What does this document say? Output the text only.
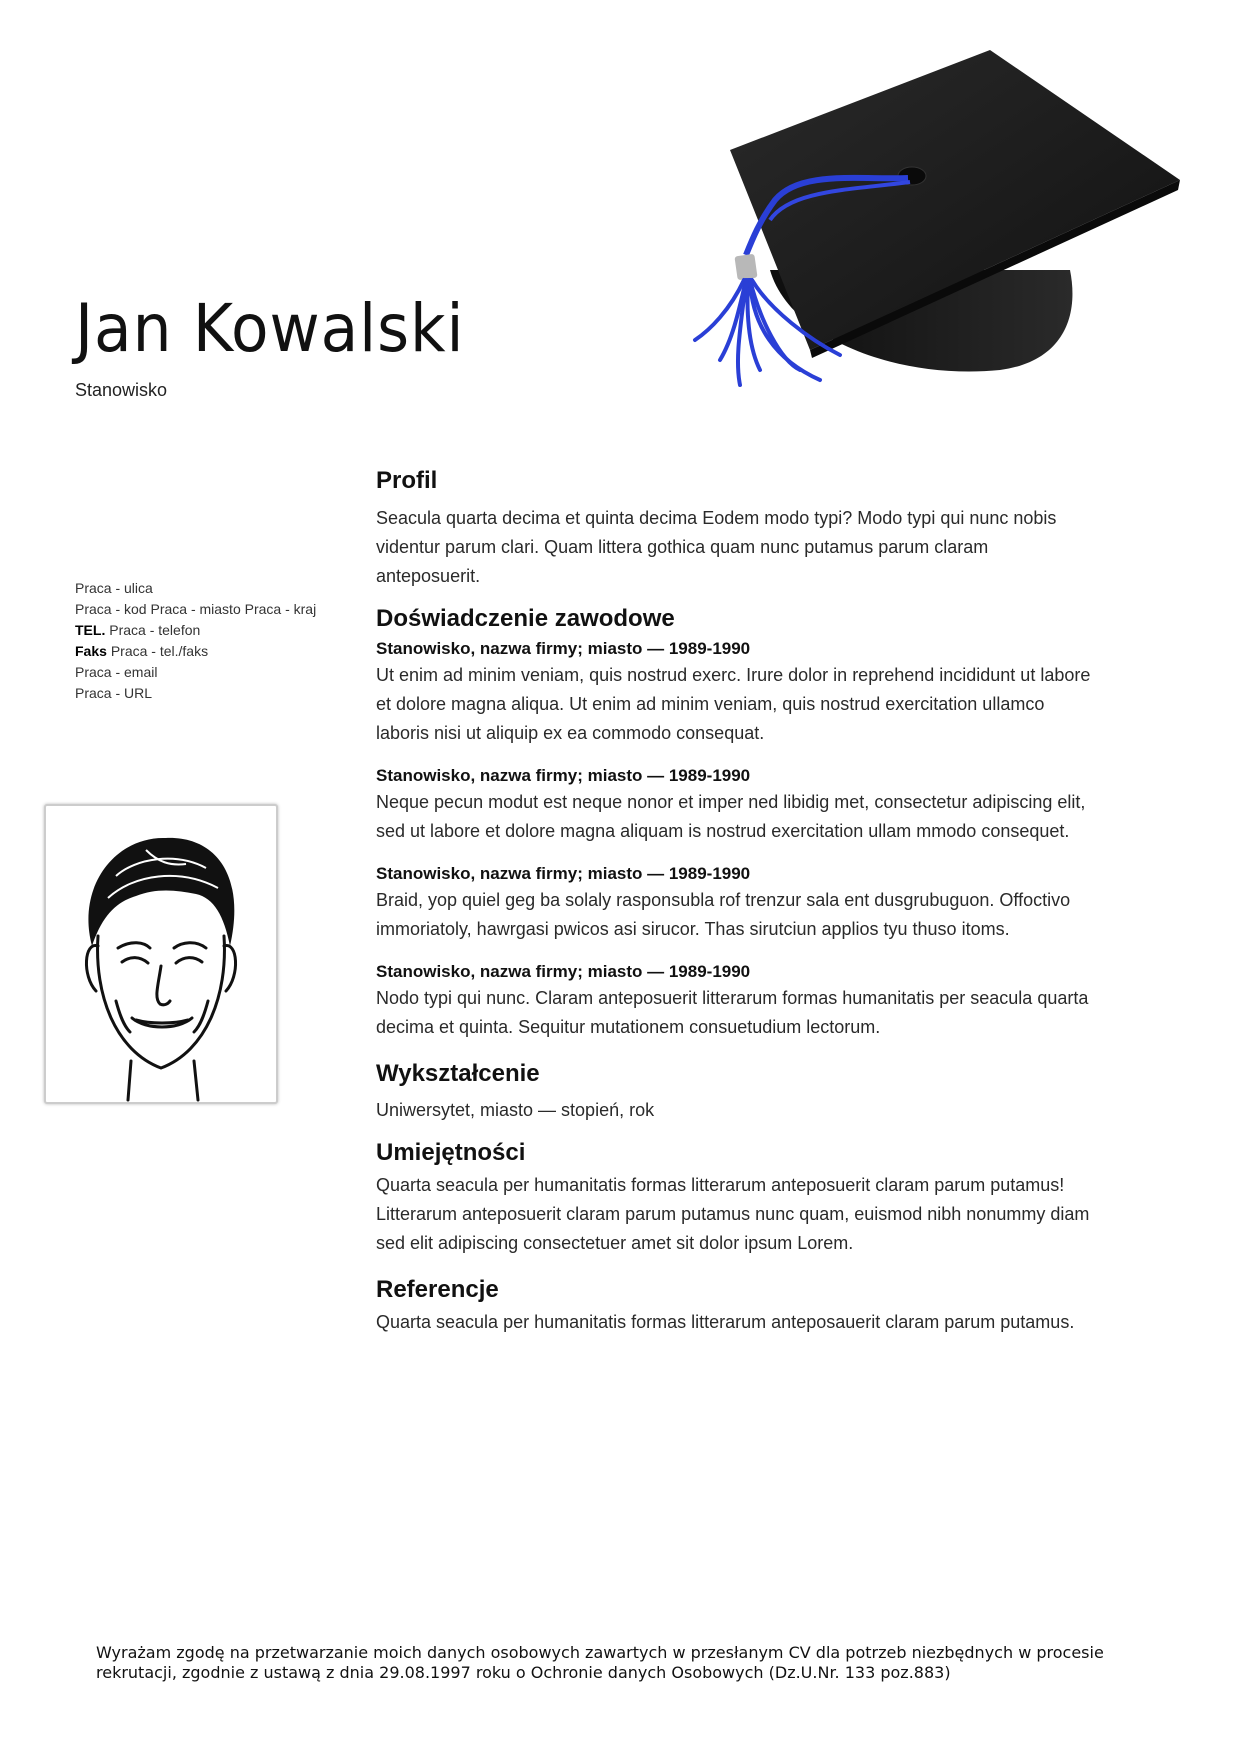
Jan Kowalski
Stanowisko
Praca - ulica
Praca - kod Praca - miasto Praca - kraj
TEL. Praca - telefon
Faks Praca - tel./faks
Praca - email
Praca - URL
Profil

Seacula quarta decima et quinta decima Eodem modo typi? Modo typi qui nunc nobis videntur parum clari. Quam littera gothica quam nunc putamus parum claram anteposuerit.

Doświadczenie zawodowe

Stanowisko, nazwa firmy; miasto — 1989-1990

Ut enim ad minim veniam, quis nostrud exerc. Irure dolor in reprehend incididunt ut labore et dolore magna aliqua. Ut enim ad minim veniam, quis nostrud exercitation ullamco laboris nisi ut aliquip ex ea commodo consequat.

Stanowisko, nazwa firmy; miasto — 1989-1990

Neque pecun modut est neque nonor et imper ned libidig met, consectetur adipiscing elit, sed ut labore et dolore magna aliquam is nostrud exercitation ullam mmodo consequet.

Stanowisko, nazwa firmy; miasto — 1989-1990

Braid, yop quiel geg ba solaly rasponsubla rof trenzur sala ent dusgrubuguon. Offoctivo immoriatoly, hawrgasi pwicos asi sirucor. Thas sirutciun applios tyu thuso itoms.

Stanowisko, nazwa firmy; miasto — 1989-1990

Nodo typi qui nunc. Claram anteposuerit litterarum formas humanitatis per seacula quarta decima et quinta. Sequitur mutationem consuetudium lectorum.

Wykształcenie

Uniwersytet, miasto — stopień, rok

Umiejętności

Quarta seacula per humanitatis formas litterarum anteposuerit claram parum putamus! Litterarum anteposuerit claram parum putamus nunc quam, euismod nibh nonummy diam sed elit adipiscing consectetuer amet sit dolor ipsum Lorem.

Referencje

Quarta seacula per humanitatis formas litterarum anteposauerit claram parum putamus.

Wyrażam zgodę na przetwarzanie moich danych osobowych zawartych w przesłanym CV dla potrzeb niezbędnych w procesie rekrutacji, zgodnie z ustawą z dnia 29.08.1997 roku o Ochronie danych Osobowych (Dz.U.Nr. 133 poz.883)
